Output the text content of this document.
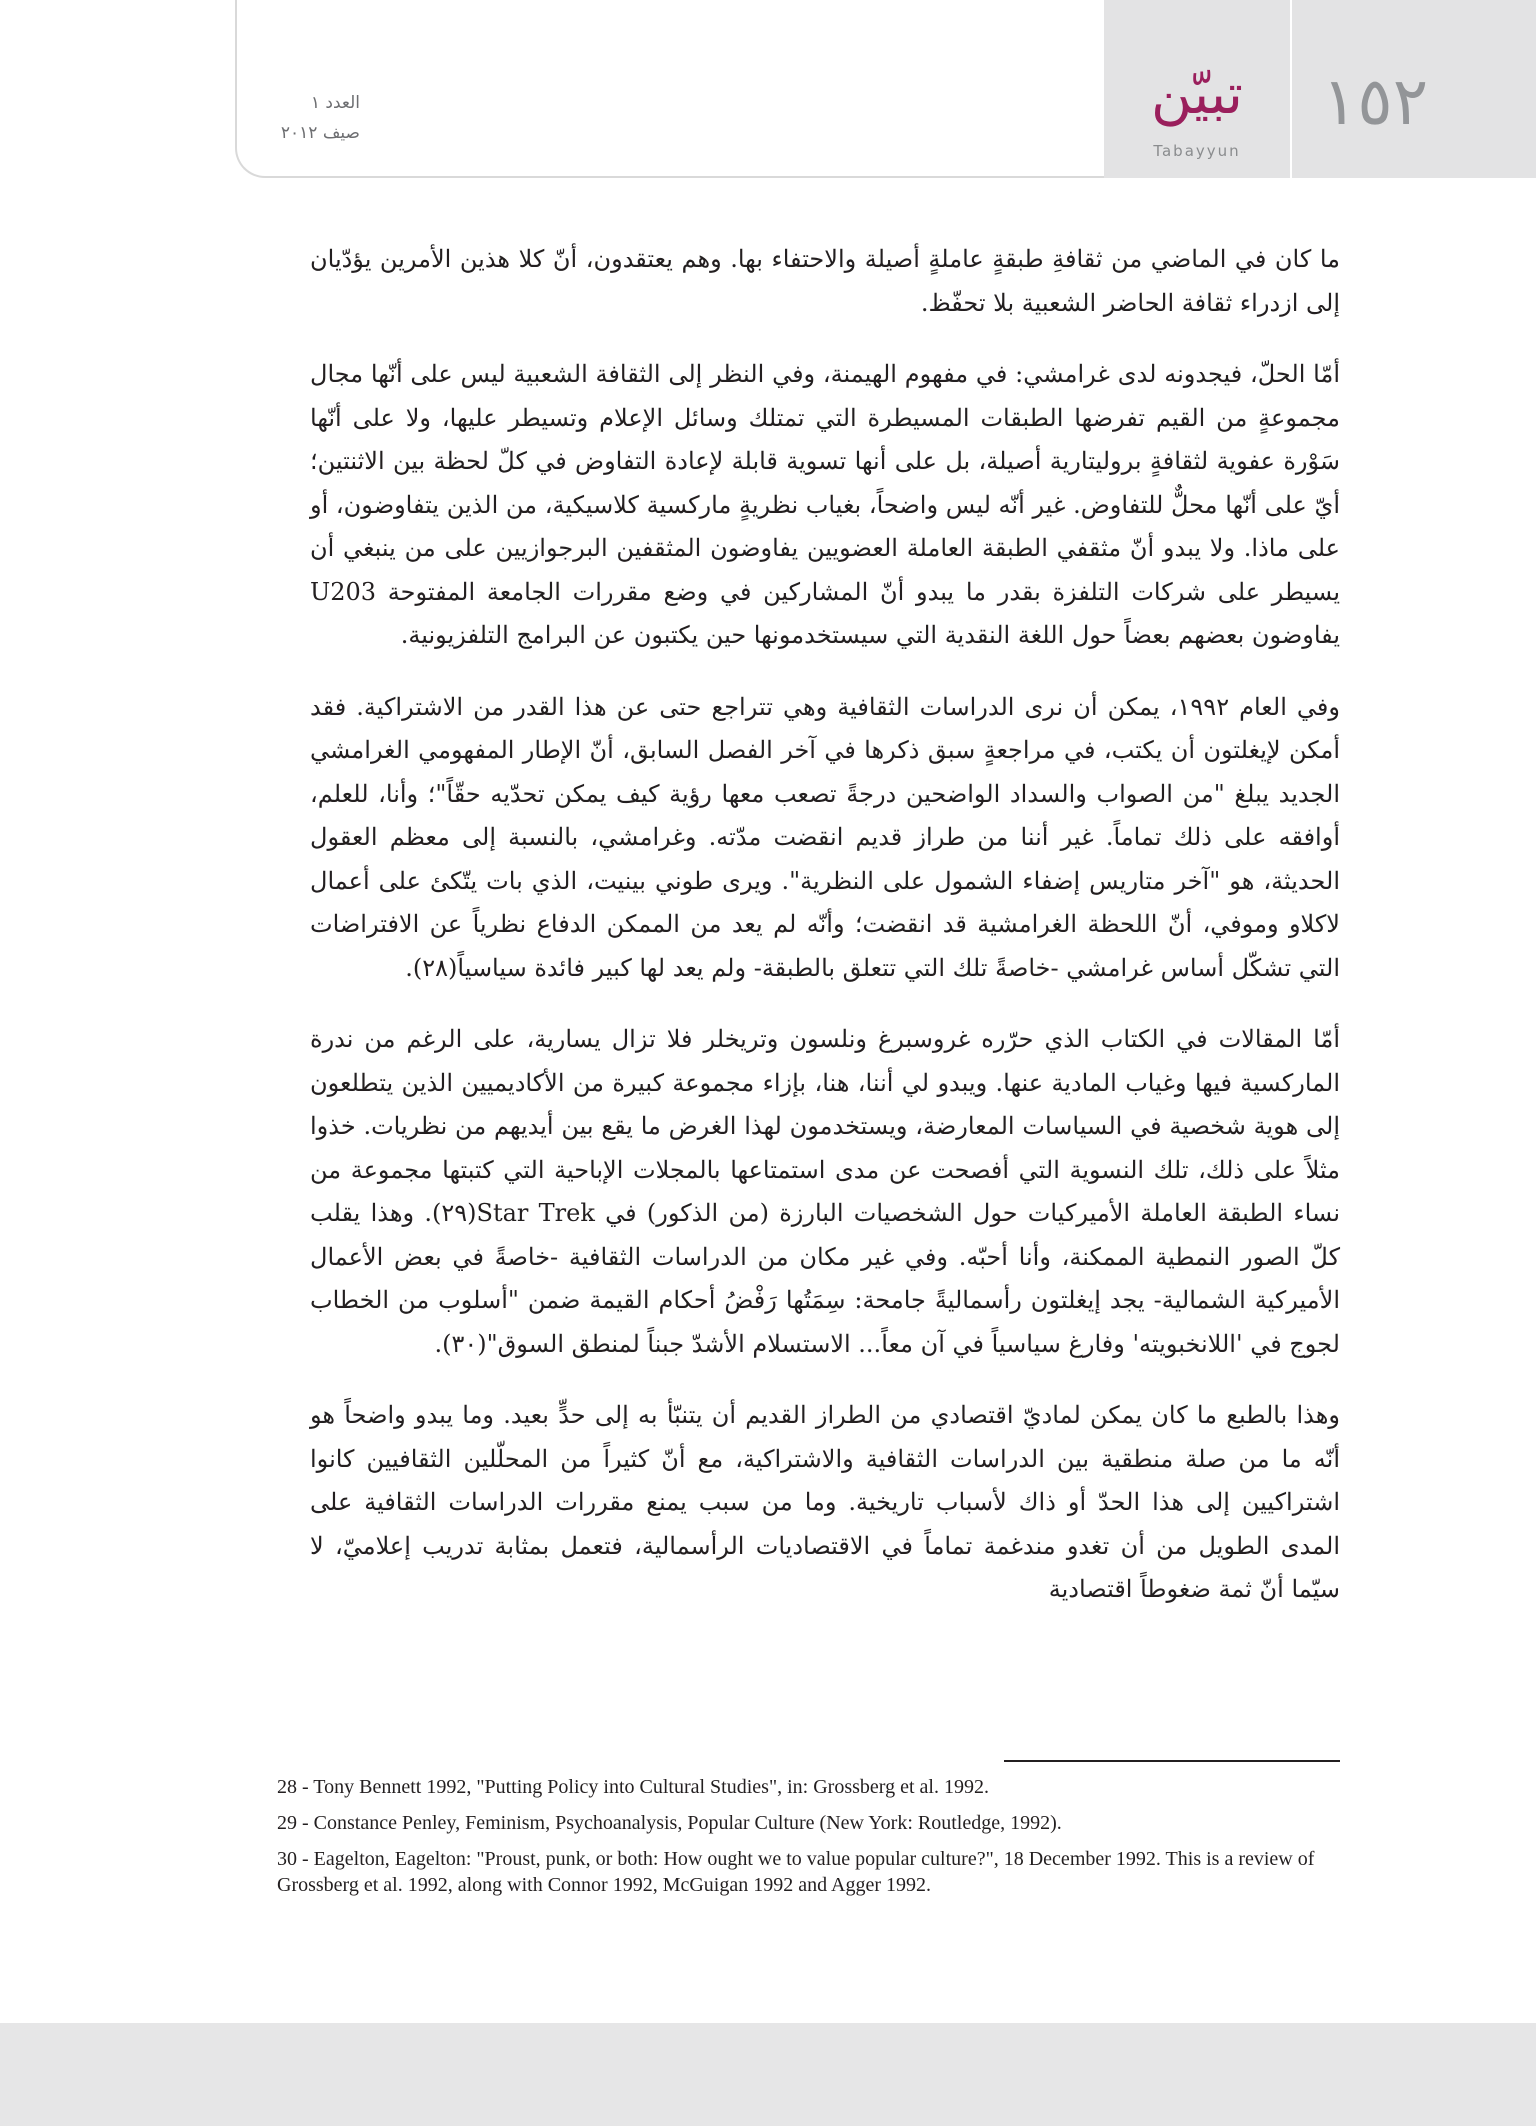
العدد ١
صيف ٢٠١٢
تبيّن
Tabayyun
١٥٢

ما كان في الماضي من ثقافةِ طبقةٍ عاملةٍ أصيلة والاحتفاء بها. وهم يعتقدون، أنّ كلا هذين الأمرين يؤدّيان إلى ازدراء ثقافة الحاضر الشعبية بلا تحفّظ.

أمّا الحلّ، فيجدونه لدى غرامشي: في مفهوم الهيمنة، وفي النظر إلى الثقافة الشعبية ليس على أنّها مجال مجموعةٍ من القيم تفرضها الطبقات المسيطرة التي تمتلك وسائل الإعلام وتسيطر عليها، ولا على أنّها سَوْرة عفوية لثقافةٍ بروليتارية أصيلة، بل على أنها تسوية قابلة لإعادة التفاوض في كلّ لحظة بين الاثنتين؛ أيّ على أنّها محلٌّ للتفاوض. غير أنّه ليس واضحاً، بغياب نظريةٍ ماركسية كلاسيكية، من الذين يتفاوضون، أو على ماذا. ولا يبدو أنّ مثقفي الطبقة العاملة العضويين يفاوضون المثقفين البرجوازيين على من ينبغي أن يسيطر على شركات التلفزة بقدر ما يبدو أنّ المشاركين في وضع مقررات الجامعة المفتوحة U203 يفاوضون بعضهم بعضاً حول اللغة النقدية التي سيستخدمونها حين يكتبون عن البرامج التلفزيونية.

وفي العام ١٩٩٢، يمكن أن نرى الدراسات الثقافية وهي تتراجع حتى عن هذا القدر من الاشتراكية. فقد أمكن لإيغلتون أن يكتب، في مراجعةٍ سبق ذكرها في آخر الفصل السابق، أنّ الإطار المفهومي الغرامشي الجديد يبلغ "من الصواب والسداد الواضحين درجةً تصعب معها رؤية كيف يمكن تحدّيه حقّاً"؛ وأنا، للعلم، أوافقه على ذلك تماماً. غير أننا من طراز قديم انقضت مدّته. وغرامشي، بالنسبة إلى معظم العقول الحديثة، هو "آخر متاريس إضفاء الشمول على النظرية". ويرى طوني بينيت، الذي بات يتّكئ على أعمال لاكلاو وموفي، أنّ اللحظة الغرامشية قد انقضت؛ وأنّه لم يعد من الممكن الدفاع نظرياً عن الافتراضات التي تشكّل أساس غرامشي -خاصةً تلك التي تتعلق بالطبقة- ولم يعد لها كبير فائدة سياسياً(٢٨).

أمّا المقالات في الكتاب الذي حرّره غروسبرغ ونلسون وتريخلر فلا تزال يسارية، على الرغم من ندرة الماركسية فيها وغياب المادية عنها. ويبدو لي أننا، هنا، بإزاء مجموعة كبيرة من الأكاديميين الذين يتطلعون إلى هوية شخصية في السياسات المعارضة، ويستخدمون لهذا الغرض ما يقع بين أيديهم من نظريات. خذوا مثلاً على ذلك، تلك النسوية التي أفصحت عن مدى استمتاعها بالمجلات الإباحية التي كتبتها مجموعة من نساء الطبقة العاملة الأميركيات حول الشخصيات البارزة (من الذكور) في Star Trek(٢٩). وهذا يقلب كلّ الصور النمطية الممكنة، وأنا أحبّه. وفي غير مكان من الدراسات الثقافية -خاصةً في بعض الأعمال الأميركية الشمالية- يجد إيغلتون رأسماليةً جامحة: سِمَتُها رَفْضُ أحكام القيمة ضمن "أسلوب من الخطاب لجوج في 'اللانخبويته' وفارغ سياسياً في آن معاً... الاستسلام الأشدّ جبناً لمنطق السوق"(٣٠).

وهذا بالطبع ما كان يمكن لماديّ اقتصادي من الطراز القديم أن يتنبّأ به إلى حدٍّ بعيد. وما يبدو واضحاً هو أنّه ما من صلة منطقية بين الدراسات الثقافية والاشتراكية، مع أنّ كثيراً من المحلّلين الثقافيين كانوا اشتراكيين إلى هذا الحدّ أو ذاك لأسباب تاريخية. وما من سبب يمنع مقررات الدراسات الثقافية على المدى الطويل من أن تغدو مندغمة تماماً في الاقتصاديات الرأسمالية، فتعمل بمثابة تدريب إعلاميّ، لا سيّما أنّ ثمة ضغوطاً اقتصادية

28 - Tony Bennett 1992, "Putting Policy into Cultural Studies", in: Grossberg et al. 1992.
29 - Constance Penley, Feminism, Psychoanalysis, Popular Culture (New York: Routledge, 1992).
30 - Eagelton, Eagelton: "Proust, punk, or both: How ought we to value popular culture?", 18 December 1992. This is a review of Grossberg et al. 1992, along with Connor 1992, McGuigan 1992 and Agger 1992.
